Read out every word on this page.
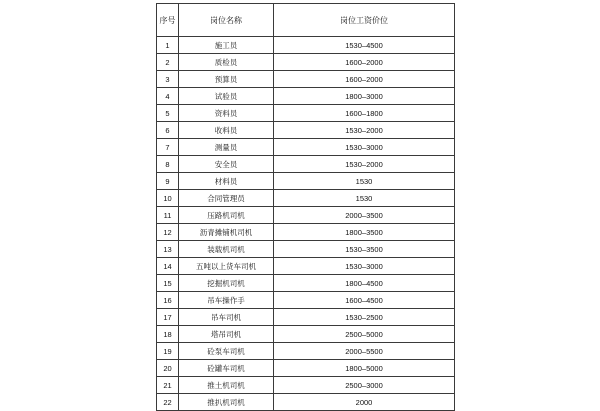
序号	岗位名称	岗位工资价位
1	施工员	1530–4500
2	质检员	1600–2000
3	预算员	1600–2000
4	试验员	1800–3000
5	资料员	1600–1800
6	收料员	1530–2000
7	测量员	1530–3000
8	安全员	1530–2000
9	材料员	1530
10	合同管理员	1530
11	压路机司机	2000–3500
12	沥青摊铺机司机	1800–3500
13	装载机司机	1530–3500
14	五吨以上货车司机	1530–3000
15	挖掘机司机	1800–4500
16	吊车操作手	1600–4500
17	吊车司机	1530–2500
18	塔吊司机	2500–5000
19	砼泵车司机	2000–5500
20	砼罐车司机	1800–5000
21	推土机司机	2500–3000
22	推扒机司机	2000
